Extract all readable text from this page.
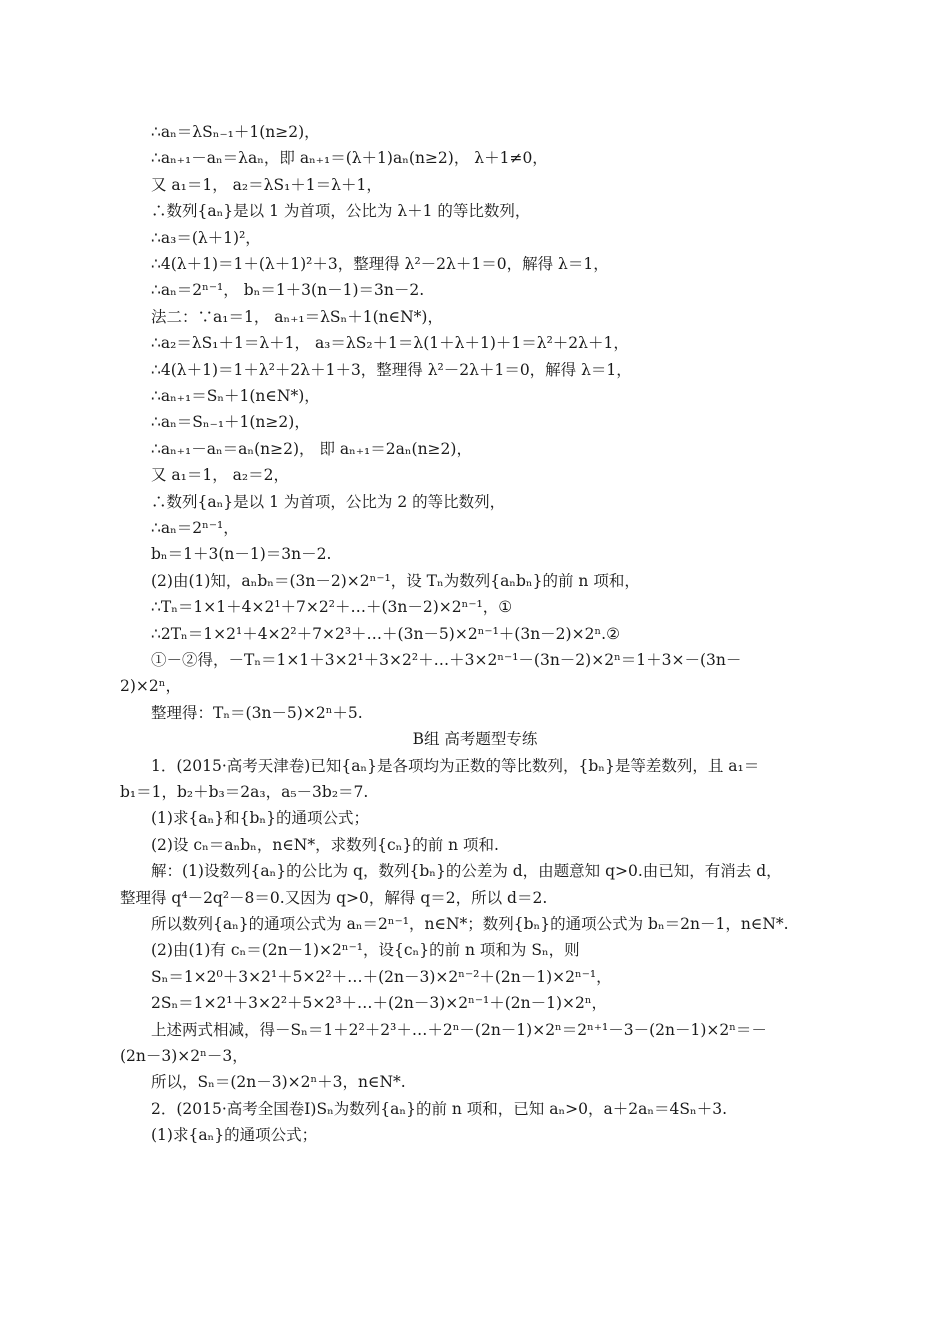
∴aₙ＝λSₙ₋₁＋1(n≥2)，
∴aₙ₊₁－aₙ＝λaₙ，即 aₙ₊₁＝(λ＋1)aₙ(n≥2)， λ＋1≠0，
又 a₁＝1， a₂＝λS₁＋1＝λ＋1，
∴数列{aₙ}是以 1 为首项，公比为 λ＋1 的等比数列，
∴a₃＝(λ＋1)²，
∴4(λ＋1)＝1＋(λ＋1)²＋3，整理得 λ²－2λ＋1＝0，解得 λ＝1，
∴aₙ＝2ⁿ⁻¹， bₙ＝1＋3(n－1)＝3n－2.
法二：∵a₁＝1， aₙ₊₁＝λSₙ＋1(n∈N*)，
∴a₂＝λS₁＋1＝λ＋1， a₃＝λS₂＋1＝λ(1＋λ＋1)＋1＝λ²＋2λ＋1，
∴4(λ＋1)＝1＋λ²＋2λ＋1＋3，整理得 λ²－2λ＋1＝0，解得 λ＝1，
∴aₙ₊₁＝Sₙ＋1(n∈N*)，
∴aₙ＝Sₙ₋₁＋1(n≥2)，
∴aₙ₊₁－aₙ＝aₙ(n≥2)， 即 aₙ₊₁＝2aₙ(n≥2)，
又 a₁＝1， a₂＝2，
∴数列{aₙ}是以 1 为首项，公比为 2 的等比数列，
∴aₙ＝2ⁿ⁻¹，
bₙ＝1＋3(n－1)＝3n－2.
(2)由(1)知，aₙbₙ＝(3n－2)×2ⁿ⁻¹，设 Tₙ为数列{aₙbₙ}的前 n 项和，
∴Tₙ＝1×1＋4×2¹＋7×2²＋…＋(3n－2)×2ⁿ⁻¹，①
∴2Tₙ＝1×2¹＋4×2²＋7×2³＋…＋(3n－5)×2ⁿ⁻¹＋(3n－2)×2ⁿ.②
①－②得，－Tₙ＝1×1＋3×2¹＋3×2²＋…＋3×2ⁿ⁻¹－(3n－2)×2ⁿ＝1＋3×－(3n－
2)×2ⁿ，
整理得：Tₙ＝(3n－5)×2ⁿ＋5.
B组 高考题型专练
1．(2015·高考天津卷)已知{aₙ}是各项均为正数的等比数列，{bₙ}是等差数列，且 a₁＝
b₁＝1，b₂＋b₃＝2a₃，a₅－3b₂＝7.
(1)求{aₙ}和{bₙ}的通项公式；
(2)设 cₙ＝aₙbₙ，n∈N*，求数列{cₙ}的前 n 项和.
解：(1)设数列{aₙ}的公比为 q，数列{bₙ}的公差为 d，由题意知 q>0.由已知，有消去 d，
整理得 q⁴－2q²－8＝0.又因为 q>0，解得 q＝2，所以 d＝2.
所以数列{aₙ}的通项公式为 aₙ＝2ⁿ⁻¹，n∈N*；数列{bₙ}的通项公式为 bₙ＝2n－1，n∈N*.
(2)由(1)有 cₙ＝(2n－1)×2ⁿ⁻¹，设{cₙ}的前 n 项和为 Sₙ，则
Sₙ＝1×2⁰＋3×2¹＋5×2²＋…＋(2n－3)×2ⁿ⁻²＋(2n－1)×2ⁿ⁻¹，
2Sₙ＝1×2¹＋3×2²＋5×2³＋…＋(2n－3)×2ⁿ⁻¹＋(2n－1)×2ⁿ，
上述两式相减，得－Sₙ＝1＋2²＋2³＋…＋2ⁿ－(2n－1)×2ⁿ＝2ⁿ⁺¹－3－(2n－1)×2ⁿ＝－
(2n－3)×2ⁿ－3，
所以，Sₙ＝(2n－3)×2ⁿ＋3，n∈N*.
2．(2015·高考全国卷Ⅰ)Sₙ为数列{aₙ}的前 n 项和，已知 aₙ>0，a＋2aₙ＝4Sₙ＋3.
(1)求{aₙ}的通项公式；
